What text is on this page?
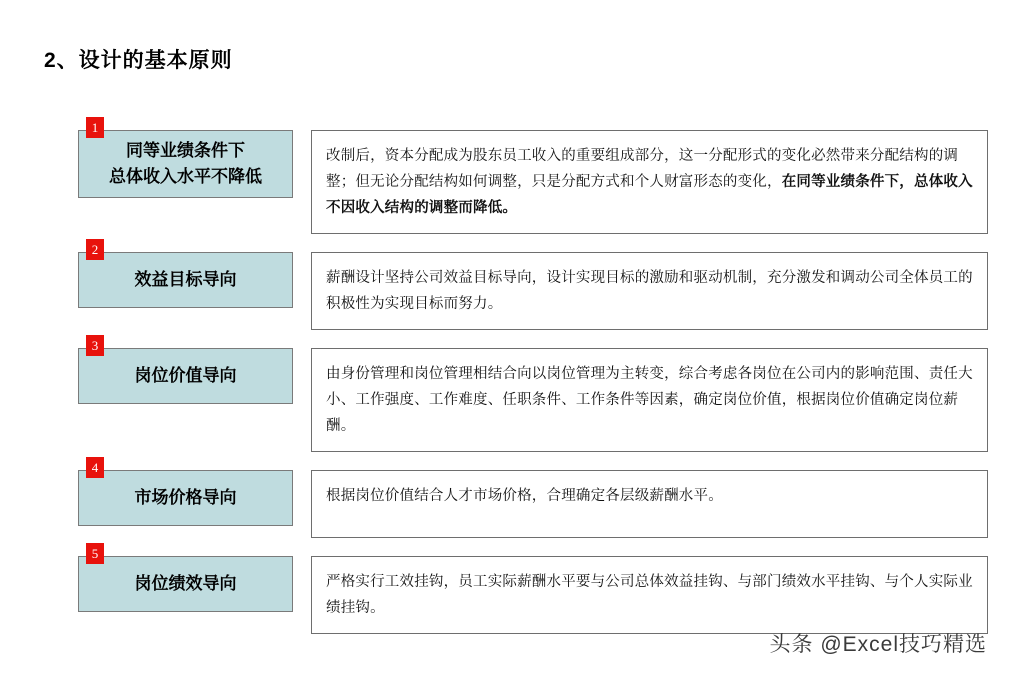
2、设计的基本原则
1
同等业绩条件下
总体收入水平不降低
改制后，资本分配成为股东员工收入的重要组成部分，这一分配形式的变化必然带来分配结构的调整；但无论分配结构如何调整，只是分配方式和个人财富形态的变化，在同等业绩条件下，总体收入不因收入结构的调整而降低。
2
效益目标导向	薪酬设计坚持公司效益目标导向，设计实现目标的激励和驱动机制，充分激发和调动公司全体员工的积极性为实现目标而努力。
3
岗位价值导向	由身份管理和岗位管理相结合向以岗位管理为主转变，综合考虑各岗位在公司内的影响范围、责任大小、工作强度、工作难度、任职条件、工作条件等因素，确定岗位价值，根据岗位价值确定岗位薪酬。
4
市场价格导向	根据岗位价值结合人才市场价格，合理确定各层级薪酬水平。
5
岗位绩效导向	严格实行工效挂钩，员工实际薪酬水平要与公司总体效益挂钩、与部门绩效水平挂钩、与个人实际业绩挂钩。
头条 @Excel技巧精选
